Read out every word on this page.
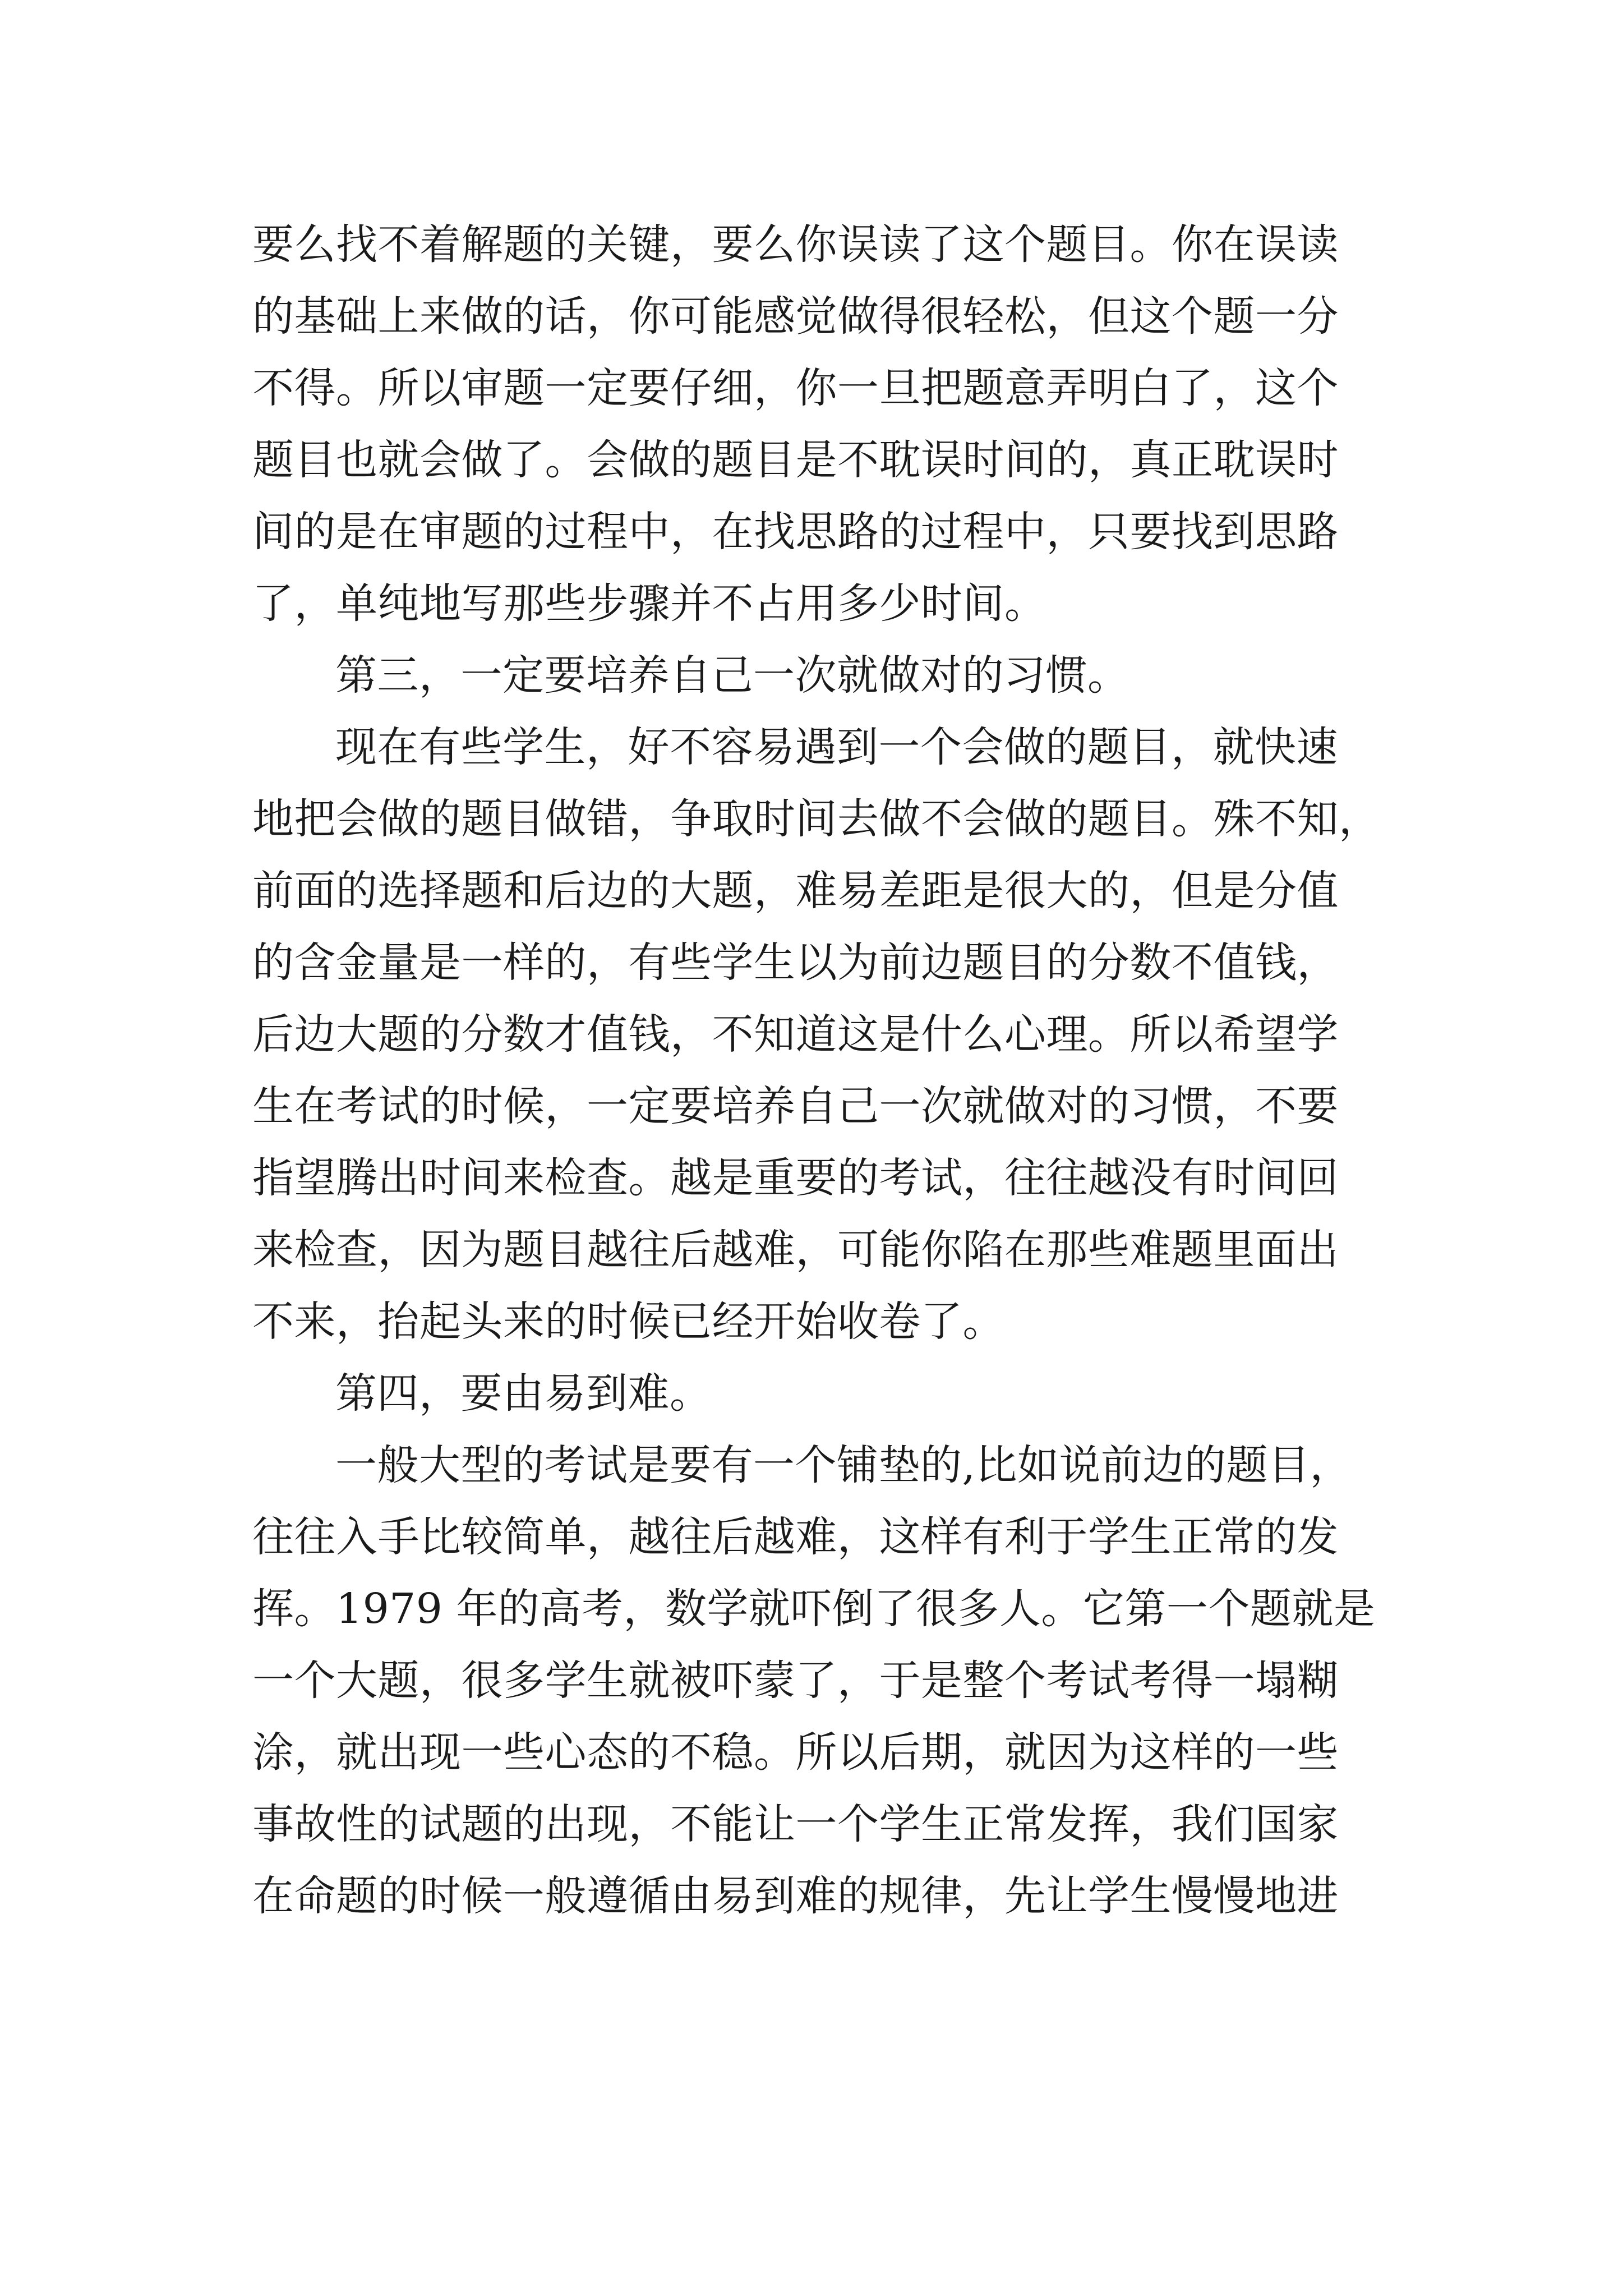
要么找不着解题的关键，要么你误读了这个题目。你在误读
的基础上来做的话，你可能感觉做得很轻松，但这个题一分
不得。所以审题一定要仔细，你一旦把题意弄明白了，这个
题目也就会做了。会做的题目是不耽误时间的，真正耽误时
间的是在审题的过程中，在找思路的过程中，只要找到思路
了，单纯地写那些步骤并不占用多少时间。
第三，一定要培养自己一次就做对的习惯。
现在有些学生，好不容易遇到一个会做的题目，就快速
地把会做的题目做错，争取时间去做不会做的题目。殊不知，
前面的选择题和后边的大题，难易差距是很大的，但是分值
的含金量是一样的，有些学生以为前边题目的分数不值钱，
后边大题的分数才值钱，不知道这是什么心理。所以希望学
生在考试的时候，一定要培养自己一次就做对的习惯，不要
指望腾出时间来检查。越是重要的考试，往往越没有时间回
来检查，因为题目越往后越难，可能你陷在那些难题里面出
不来，抬起头来的时候已经开始收卷了。
第四，要由易到难。
一般大型的考试是要有一个铺垫的,比如说前边的题目，
往往入手比较简单，越往后越难，这样有利于学生正常的发
挥。1979 年的高考，数学就吓倒了很多人。它第一个题就是
一个大题，很多学生就被吓蒙了，于是整个考试考得一塌糊
涂，就出现一些心态的不稳。所以后期，就因为这样的一些
事故性的试题的出现，不能让一个学生正常发挥，我们国家
在命题的时候一般遵循由易到难的规律，先让学生慢慢地进
